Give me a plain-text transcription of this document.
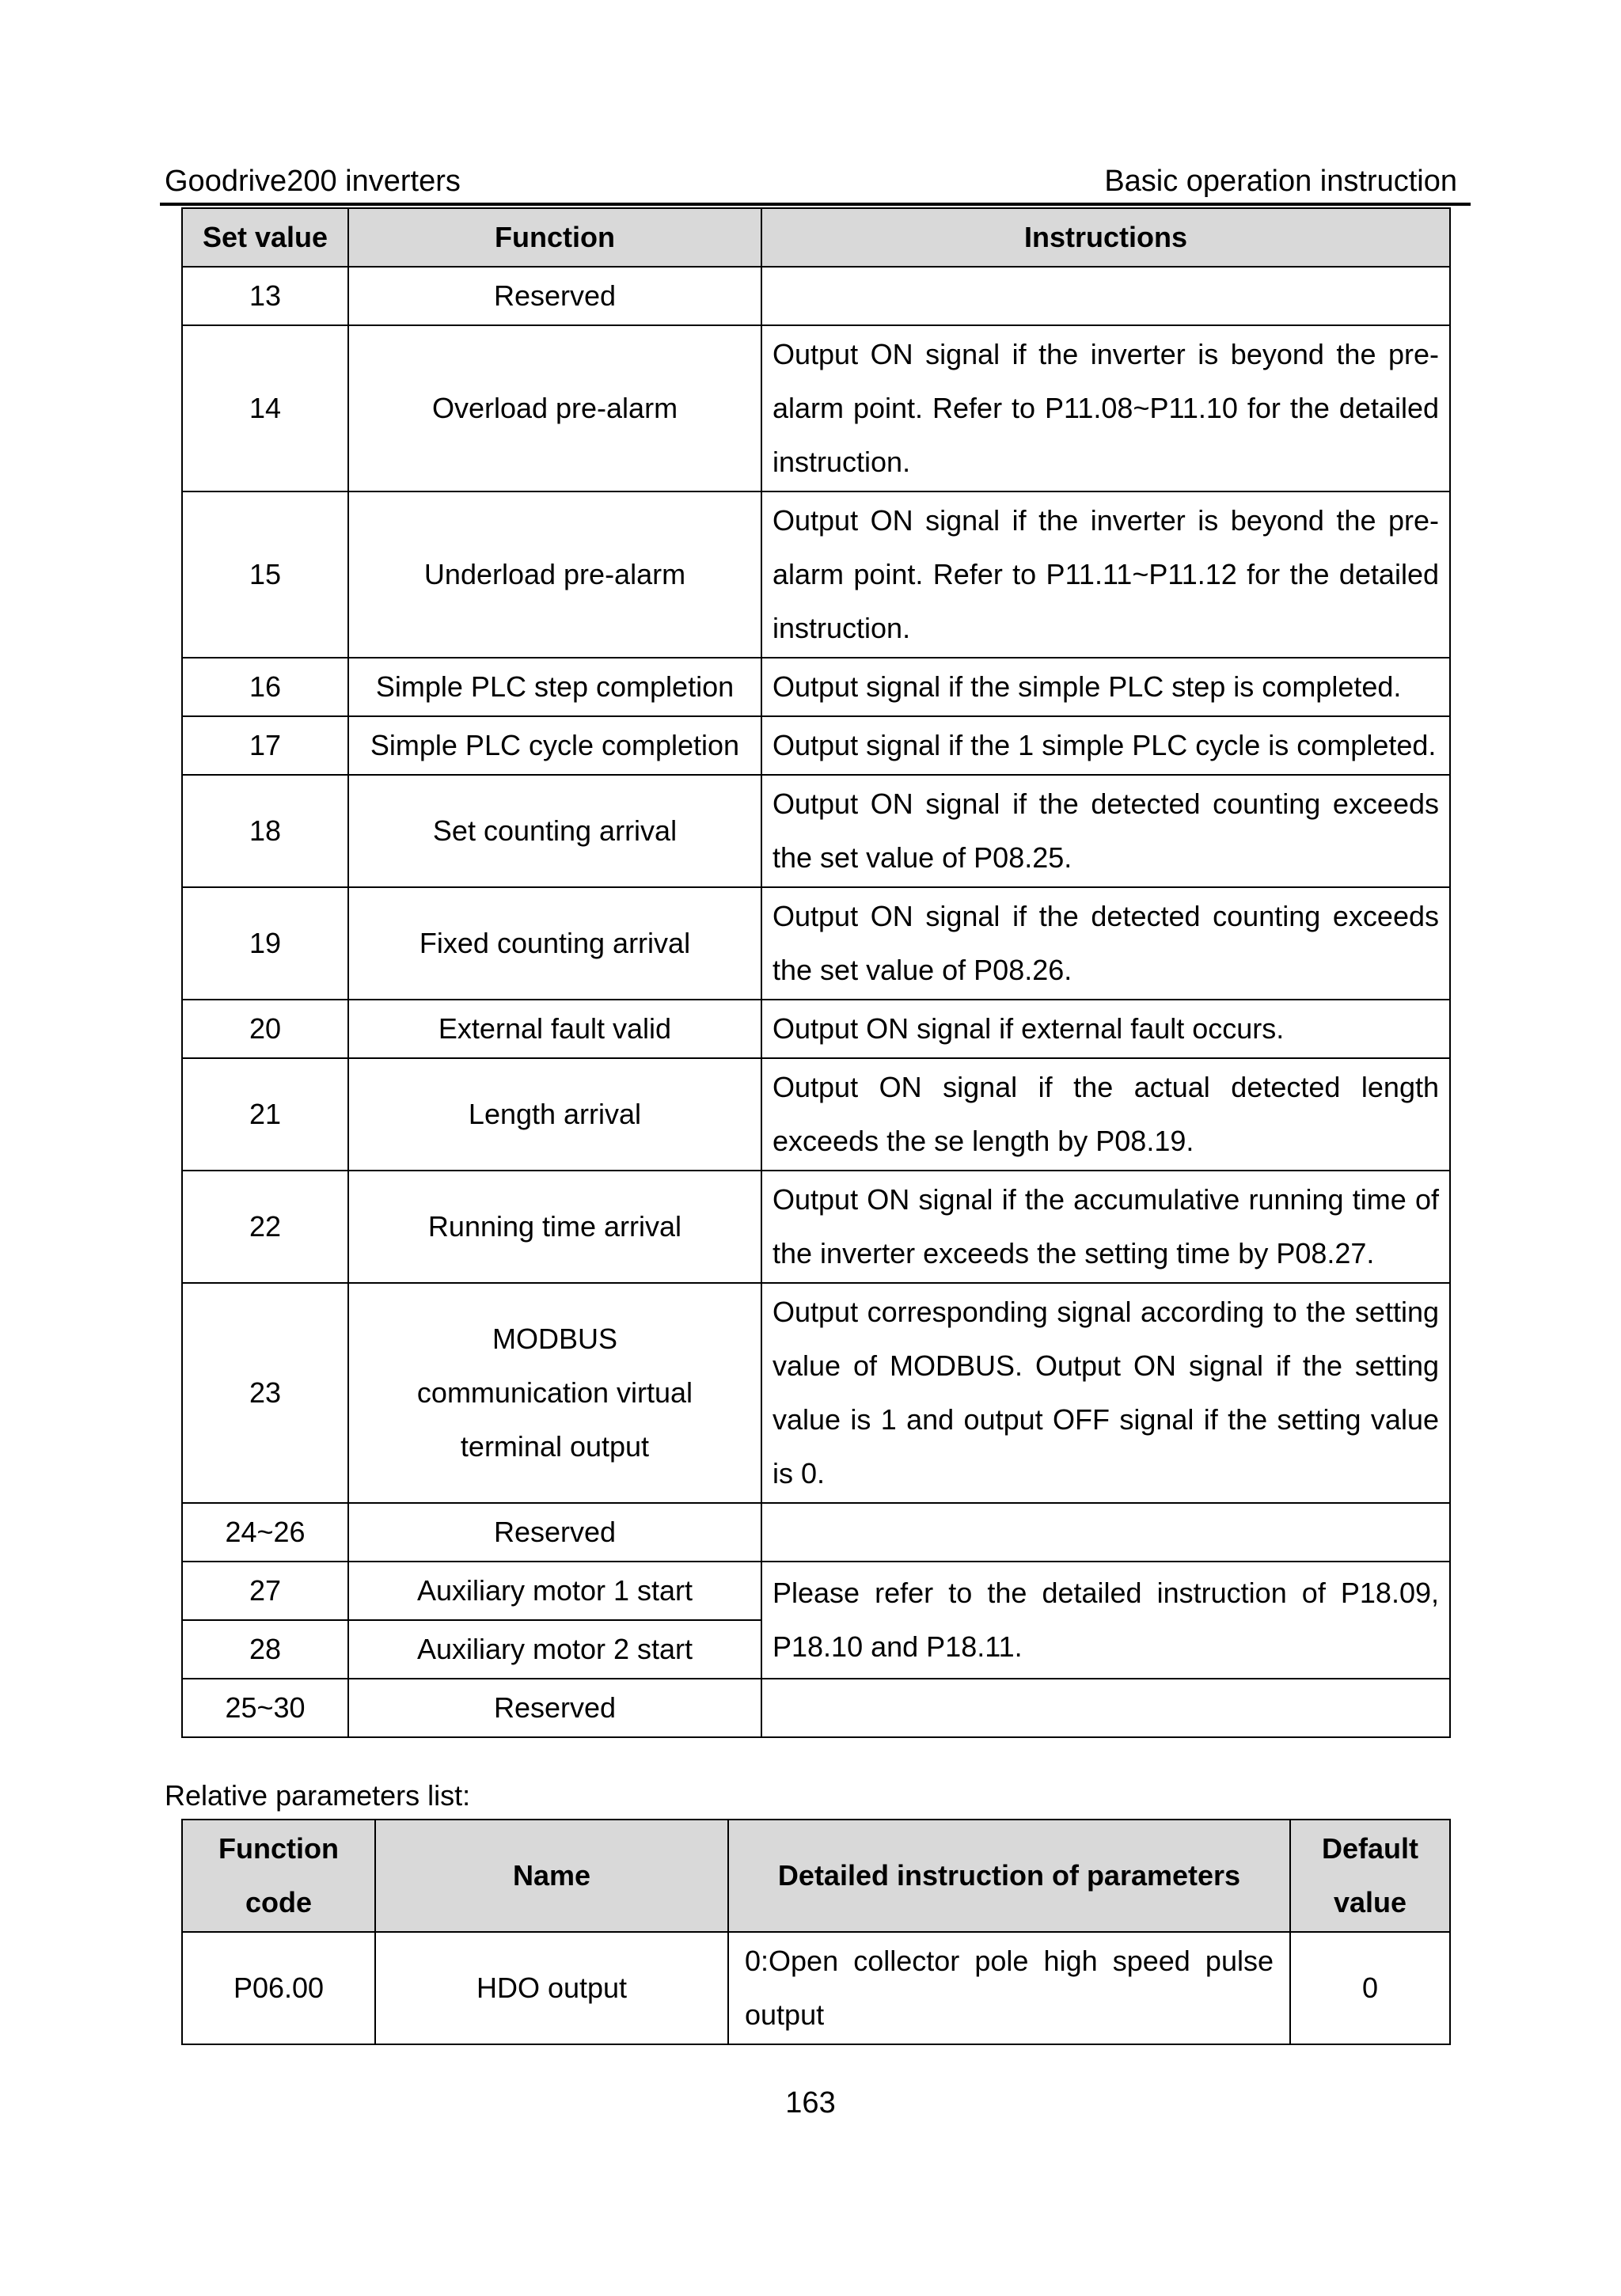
Goodrive200 inverters	Basic operation instruction
Set value	Function	Instructions
13	Reserved	
14	Overload pre-alarm	Output ON signal if the inverter is beyond the pre-alarm point. Refer to P11.08~P11.10 for the detailed instruction.
15	Underload pre-alarm	Output ON signal if the inverter is beyond the pre-alarm point. Refer to P11.11~P11.12 for the detailed instruction.
16	Simple PLC step completion	Output signal if the simple PLC step is completed.
17	Simple PLC cycle completion	Output signal if the 1 simple PLC cycle is completed.
18	Set counting arrival	Output ON signal if the detected counting exceeds the set value of P08.25.
19	Fixed counting arrival	Output ON signal if the detected counting exceeds the set value of P08.26.
20	External fault valid	Output ON signal if external fault occurs.
21	Length arrival	Output ON signal if the actual detected length exceeds the se length by P08.19.
22	Running time arrival	Output ON signal if the accumulative running time of the inverter exceeds the setting time by P08.27.
23	MODBUS communication virtual terminal output	Output corresponding signal according to the setting value of MODBUS. Output ON signal if the setting value is 1 and output OFF signal if the setting value is 0.
24~26	Reserved	
27	Auxiliary motor 1 start	Please refer to the detailed instruction of P18.09, P18.10 and P18.11.
28	Auxiliary motor 2 start	
25~30	Reserved	
Relative parameters list:
Function code	Name	Detailed instruction of parameters	Default value
P06.00	HDO output	0:Open collector pole high speed pulse output	0
163
